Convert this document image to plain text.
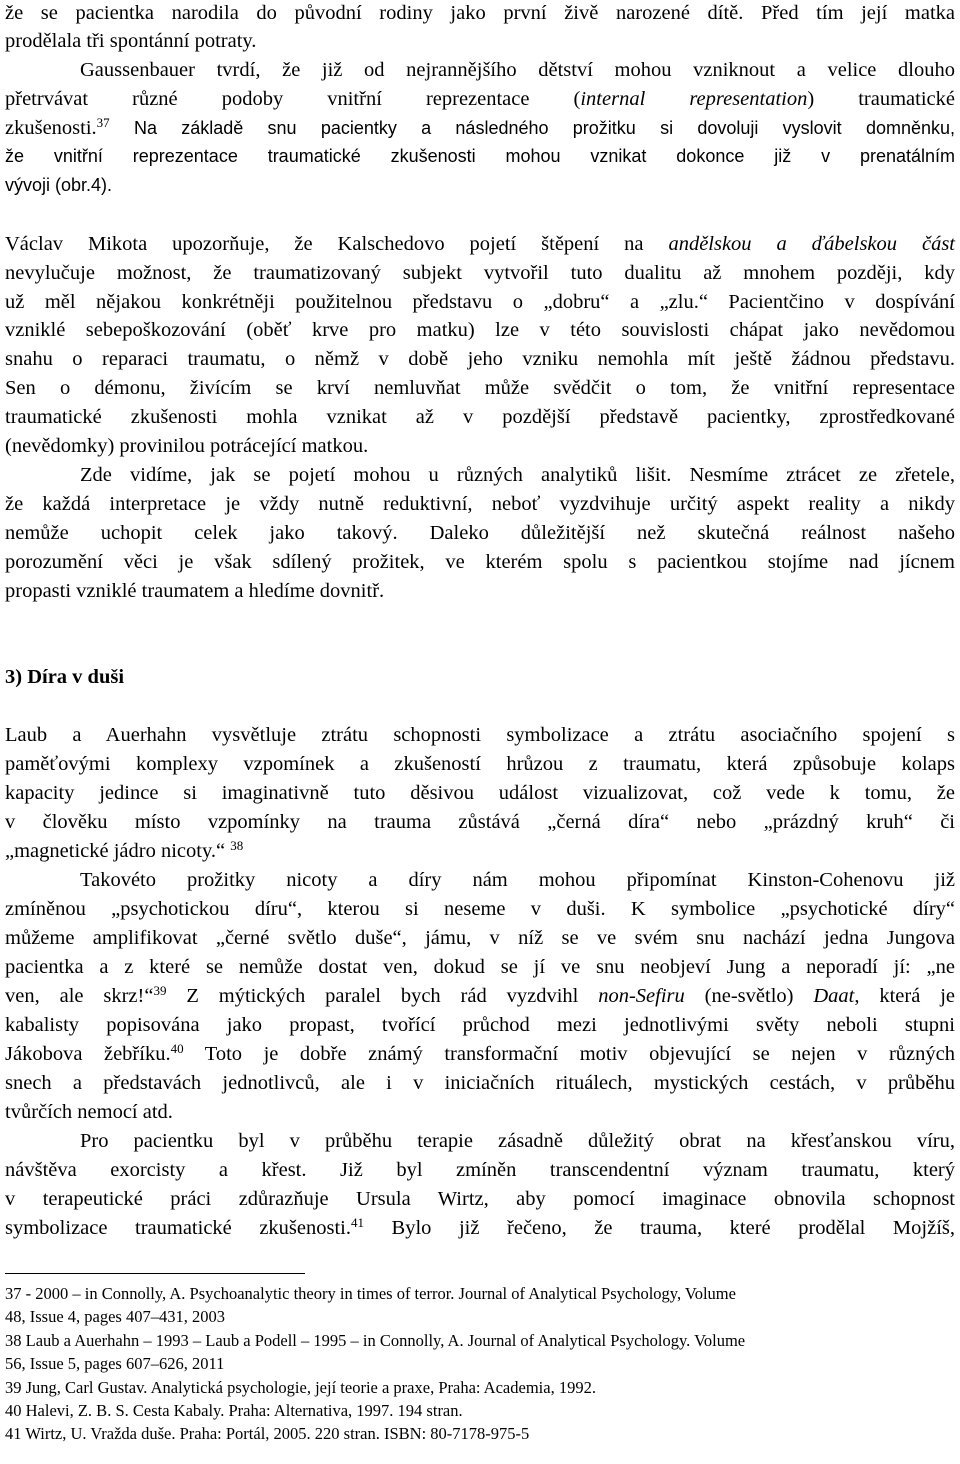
že se pacientka narodila do původní rodiny jako první živě narozené dítě. Před tím její matka
prodělala tři spontánní potraty.
Gaussenbauer tvrdí, že již od nejrannějšího dětství mohou vzniknout a velice dlouho
přetrvávat různé podoby vnitřní reprezentace (internal representation) traumatické
zkušenosti.$^{37}$ Na základě snu pacientky a následného prožitku si dovoluji vyslovit domněnku,
že vnitřní reprezentace traumatické zkušenosti mohou vznikat dokonce již v prenatálním
vývoji (obr.4).
Václav Mikota upozorňuje, že Kalschedovo pojetí štěpení na andělskou a ďábelskou část
nevylučuje možnost, že traumatizovaný subjekt vytvořil tuto dualitu až mnohem později, kdy
už měl nějakou konkrétněji použitelnou představu o „dobru“ a „zlu.“ Pacientčino v dospívání
vzniklé sebepoškozování (oběť krve pro matku) lze v této souvislosti chápat jako nevědomou
snahu o reparaci traumatu, o němž v době jeho vzniku nemohla mít ještě žádnou představu.
Sen o démonu, živícím se krví nemluvňat může svědčit o tom, že vnitřní representace
traumatické zkušenosti mohla vznikat až v pozdější představě pacientky, zprostředkované
(nevědomky) provinilou potrácející matkou.
Zde vidíme, jak se pojetí mohou u různých analytiků lišit. Nesmíme ztrácet ze zřetele,
že každá interpretace je vždy nutně reduktivní, neboť vyzdvihuje určitý aspekt reality a nikdy
nemůže uchopit celek jako takový. Daleko důležitější než skutečná reálnost našeho
porozumění věci je však sdílený prožitek, ve kterém spolu s pacientkou stojíme nad jícnem
propasti vzniklé traumatem a hledíme dovnitř.
3) Díra v duši
Laub a Auerhahn vysvětluje ztrátu schopnosti symbolizace a ztrátu asociačního spojení s
paměťovými komplexy vzpomínek a zkušeností hrůzou z traumatu, která způsobuje kolaps
kapacity jedince si imaginativně tuto děsivou událost vizualizovat, což vede k tomu, že
v člověku místo vzpomínky na trauma zůstává „černá díra“ nebo „prázdný kruh“ či
„magnetické jádro nicoty.“ $^{38}$
Takovéto prožitky nicoty a díry nám mohou připomínat Kinston-Cohenovu již
zmíněnou „psychotickou díru“, kterou si neseme v duši. K symbolice „psychotické díry“
můžeme amplifikovat „černé světlo duše“, jámu, v níž se ve svém snu nachází jedna Jungova
pacientka a z které se nemůže dostat ven, dokud se jí ve snu neobjeví Jung a neporadí jí: „ne
ven, ale skrz!“$^{39}$ Z mýtických paralel bych rád vyzdvihl non-Sefiru (ne-světlo) Daat, která je
kabalisty popisována jako propast, tvořící průchod mezi jednotlivými světy neboli stupni
Jákobova žebříku.$^{40}$ Toto je dobře známý transformační motiv objevující se nejen v různých
snech a představách jednotlivců, ale i v iniciačních rituálech, mystických cestách, v průběhu
tvůrčích nemocí atd.
Pro pacientku byl v průběhu terapie zásadně důležitý obrat na křesťanskou víru,
návštěva exorcisty a křest. Již byl zmíněn transcendentní význam traumatu, který
v terapeutické práci zdůrazňuje Ursula Wirtz, aby pomocí imaginace obnovila schopnost
symbolizace traumatické zkušenosti.$^{41}$ Bylo již řečeno, že trauma, které prodělal Mojžíš,
37 - 2000 – in Connolly, A. Psychoanalytic theory in times of terror. Journal of Analytical Psychology, Volume
48, Issue 4, pages 407–431, 2003
38 Laub a Auerhahn – 1993 – Laub a Podell – 1995 – in Connolly, A. Journal of Analytical Psychology. Volume
56, Issue 5, pages 607–626, 2011
39 Jung, Carl Gustav. Analytická psychologie, její teorie a praxe, Praha: Academia, 1992.
40 Halevi, Z. B. S. Cesta Kabaly. Praha: Alternativa, 1997. 194 stran.
41 Wirtz, U. Vražda duše. Praha: Portál, 2005. 220 stran. ISBN: 80-7178-975-5
